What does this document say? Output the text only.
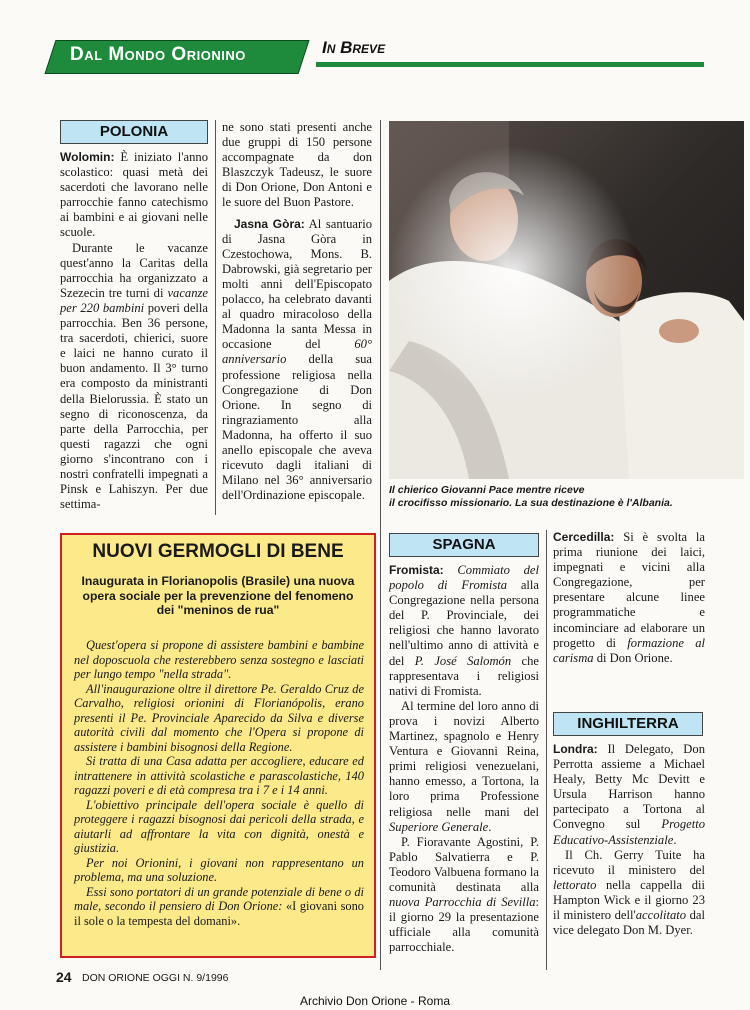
Dal Mondo Orionino	In Breve
POLONIA

Wolomin: È iniziato l'anno scolastico: quasi metà dei sacerdoti che lavorano nelle parrocchie fanno catechismo ai bambini e ai giovani nelle scuole.

Durante le vacanze quest'anno la Caritas della parrocchia ha organizzato a Szezecin tre turni di vacanze per 220 bambini poveri della parrocchia. Ben 36 persone, tra sacerdoti, chierici, suore e laici ne hanno curato il buon andamento. Il 3° turno era composto da ministranti della Bielorussia. È stato un segno di riconoscenza, da parte della Parrocchia, per questi ragazzi che ogni giorno s'incontrano con i nostri confratelli impegnati a Pinsk e Lahiszyn. Per due settima-

ne sono stati presenti anche due gruppi di 150 persone accompagnate da don Blaszczyk Tadeusz, le suore di Don Orione, Don Antoni e le suore del Buon Pastore.

Jasna Gòra: Al santuario di Jasna Gòra in Czestochowa, Mons. B. Dabrowski, già segretario per molti anni dell'Episcopato polacco, ha celebrato davanti al quadro miracoloso della Madonna la santa Messa in occasione del 60° anniversario della sua professione religiosa nella Congregazione di Don Orione. In segno di ringraziamento alla Madonna, ha offerto il suo anello episcopale che aveva ricevuto dagli italiani di Milano nel 36° anniversario dell'Ordinazione episcopale.	Il chierico Giovanni Pace mentre riceve
il crocifisso missionario. La sua destinazione è l'Albania.
NUOVI GERMOGLI DI BENE
Inaugurata in Florianopolis (Brasile) una nuova opera sociale per la prevenzione del fenomeno dei "meninos de rua"

Quest'opera si propone di assistere bambini e bambine nel doposcuola che resterebbero senza sostegno e lasciati per lungo tempo "nella strada".

All'inaugurazione oltre il direttore Pe. Geraldo Cruz de Carvalho, religiosi orionini di Florianópolis, erano presenti il Pe. Provinciale Aparecido da Silva e diverse autorità civili dal momento che l'Opera si propone di assistere i bambini bisognosi della Regione.

Si tratta di una Casa adatta per accogliere, educare ed intrattenere in attività scolastiche e parascolastiche, 140 ragazzi poveri e di età compresa tra i 7 e i 14 anni.

L'obiettivo principale dell'opera sociale è quello di proteggere i ragazzi bisognosi dai pericoli della strada, e aiutarli ad affrontare la vita con dignità, onestà e giustizia.

Per noi Orionini, i giovani non rappresentano un problema, ma una soluzione.

Essi sono portatori di un grande potenziale di bene o di male, secondo il pensiero di Don Orione: «I giovani sono il sole o la tempesta del domani».

SPAGNA

Fromista: Commiato del popolo di Fromista alla Congregazione nella persona del P. Provinciale, dei religiosi che hanno lavorato nell'ultimo anno di attività e del P. José Salomón che rappresentava i religiosi nativi di Fromista.

Al termine del loro anno di prova i novizi Alberto Martinez, spagnolo e Henry Ventura e Giovanni Reina, primi religiosi venezuelani, hanno emesso, a Tortona, la loro prima Professione religiosa nelle mani del Superiore Generale.

P. Fioravante Agostini, P. Pablo Salvatierra e P. Teodoro Valbuena formano la comunità destinata alla nuova Parrocchia di Sevilla: il giorno 29 la presentazione ufficiale alla comunità parrocchiale.

Cercedilla: Si è svolta la prima riunione dei laici, impegnati e vicini alla Congregazione, per presentare alcune linee programmatiche e incominciare ad elaborare un progetto di formazione al carisma di Don Orione.

INGHILTERRA

Londra: Il Delegato, Don Perrotta assieme a Michael Healy, Betty Mc Devitt e Ursula Harrison hanno partecipato a Tortona al Convegno sul Progetto Educativo-Assistenziale.

Il Ch. Gerry Tuite ha ricevuto il ministero del lettorato nella cappella dii Hampton Wick e il giorno 23 il ministero dell'accolitato dal vice delegato Don M. Dyer.

24 DON ORIONE OGGI N. 9/1996
Archivio Don Orione - Roma
